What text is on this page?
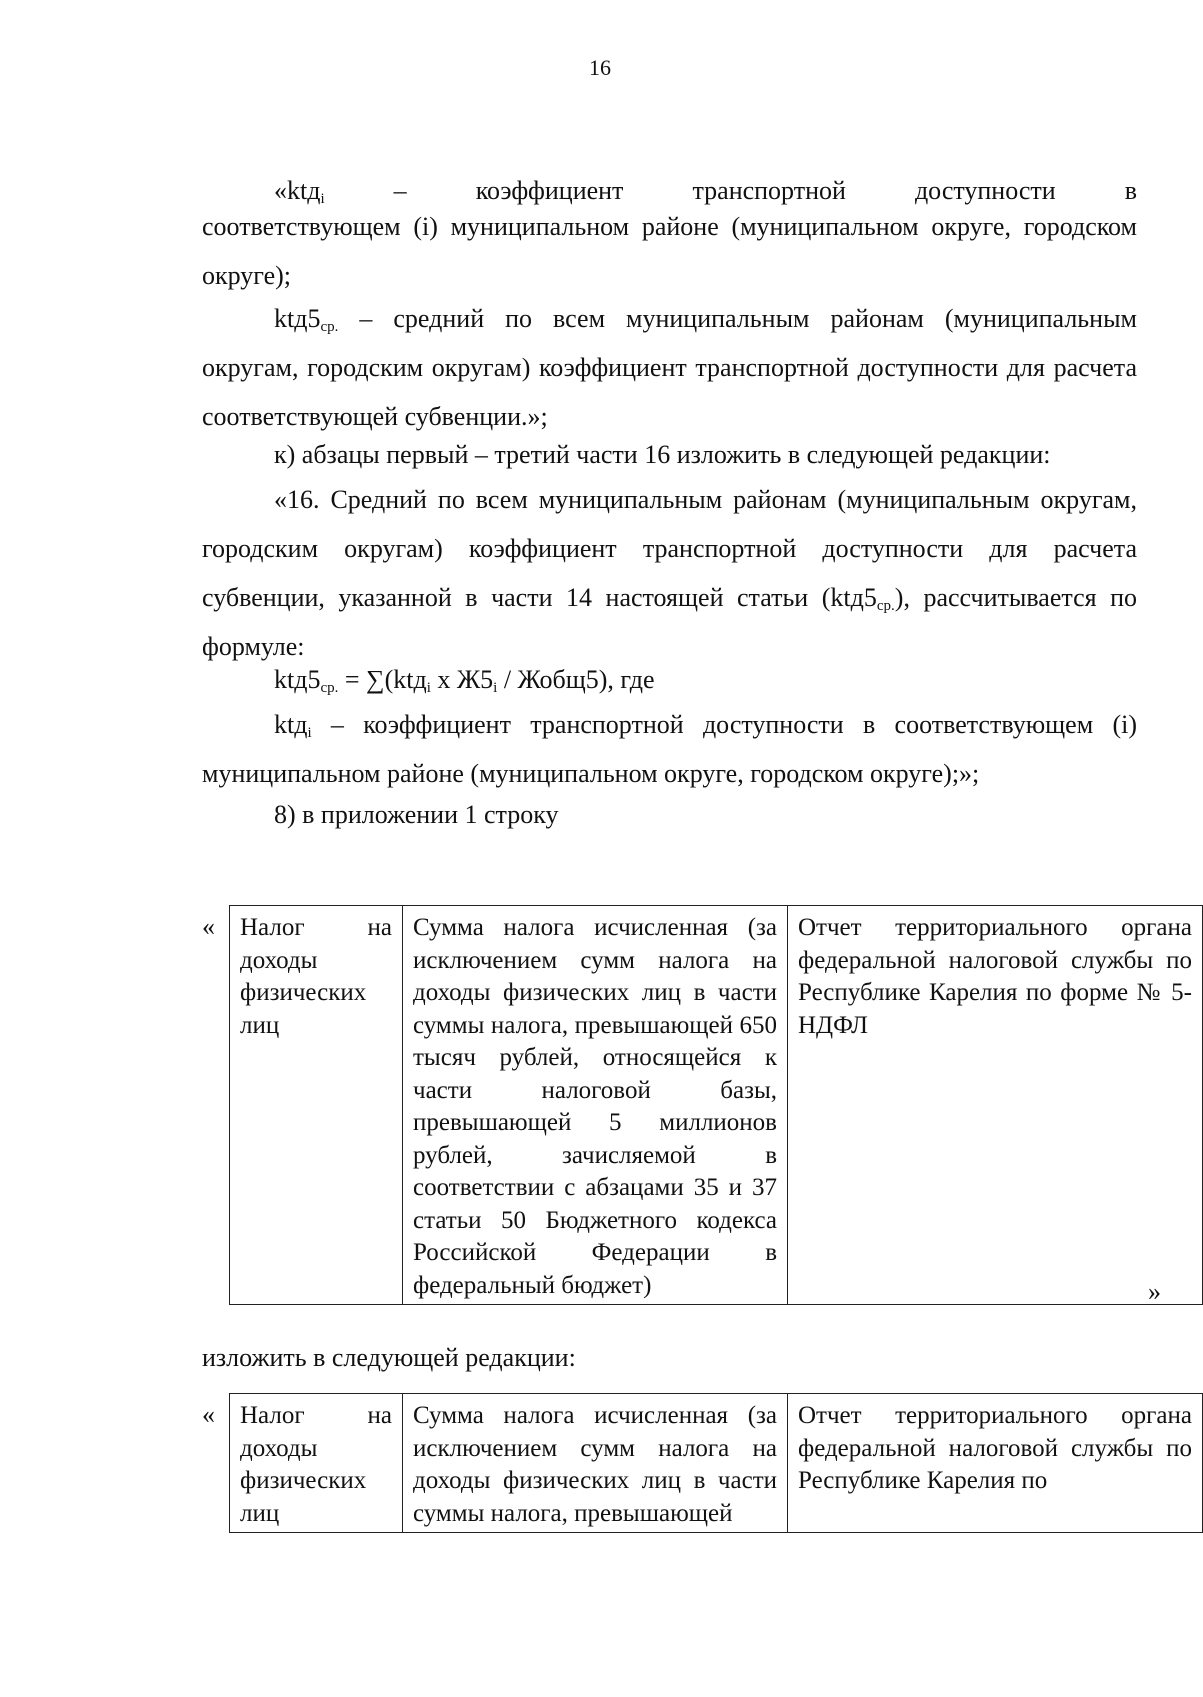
16
«ktд$_i$	–	коэффициент	транспортной	доступности	в
соответствующем (i) муниципальном районе (муниципальном округе, городском округе);
$ktд5_{ср.}$ – средний по всем муниципальным районам (муниципальным округам, городским округам) коэффициент транспортной доступности для расчета соответствующей субвенции.»;
к) абзацы первый – третий части 16 изложить в следующей редакции:
«16. Средний по всем муниципальным районам (муниципальным округам, городским округам) коэффициент транспортной доступности для расчета субвенции, указанной в части 14 настоящей статьи $(ktд5_{ср.})$, рассчитывается по формуле:
$ktд5_{ср.} = \sum(ktд_i$ x $Ж5_i$ / Жобщ5), где
ktд$_i$ – коэффициент транспортной доступности в соответствующем (i) муниципальном районе (муниципальном округе, городском округе);»;
8) в приложении 1 строку
« Налог на доходы физических лиц	Сумма налога исчисленная (за исключением сумм налога на доходы физических лиц в части суммы налога, превышающей 650 тысяч рублей, относящейся к части налоговой базы, превышающей 5 миллионов рублей, зачисляемой в соответствии с абзацами 35 и 37 статьи 50 Бюджетного кодекса Российской Федерации в федеральный бюджет)	Отчет территориального органа федеральной налоговой службы по Республике Карелия по форме № 5-НДФЛ
»
изложить в следующей редакции:
« Налог на доходы физических лиц	Сумма налога исчисленная (за исключением сумм налога на доходы физических лиц в части суммы налога, превышающей	Отчет территориального органа федеральной налоговой службы по Республике Карелия по
